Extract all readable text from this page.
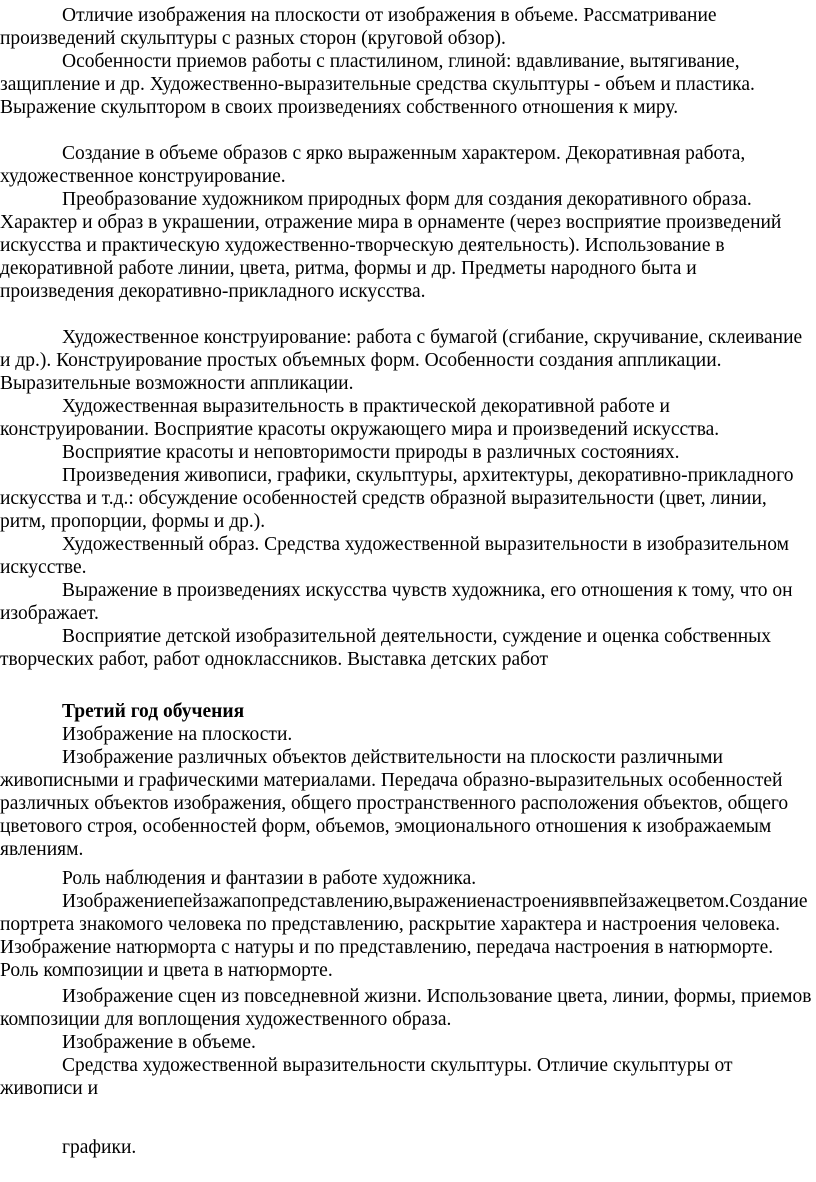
Отличие изображения на плоскости от изображения в объеме. Рассматривание произведений скульптуры с разных сторон (круговой обзор).

Особенности приемов работы с пластилином, глиной: вдавливание, вытягивание, защипление и др. Художественно-выразительные средства скульптуры - объем и пластика. Выражение скульптором в своих произведениях собственного отношения к миру.

Создание в объеме образов с ярко выраженным характером. Декоративная работа, художественное конструирование.

Преобразование художником природных форм для создания декоративного образа. Характер и образ в украшении, отражение мира в орнаменте (через восприятие произведений искусства и практическую художественно-творческую деятельность). Использование в декоративной работе линии, цвета, ритма, формы и др. Предметы народного быта и произведения декоративно-прикладного искусства.

Художественное конструирование: работа с бумагой (сгибание, скручивание, склеивание и др.). Конструирование простых объемных форм. Особенности создания аппликации. Выразительные возможности аппликации.

Художественная выразительность в практической декоративной работе и конструировании. Восприятие красоты окружающего мира и произведений искусства.

Восприятие красоты и неповторимости природы в различных состояниях.

Произведения живописи, графики, скульптуры, архитектуры, декоративно-прикладного искусства и т.д.: обсуждение особенностей средств образной выразительности (цвет, линии, ритм, пропорции, формы и др.).

Художественный образ. Средства художественной выразительности в изобразительном искусстве.

Выражение в произведениях искусства чувств художника, его отношения к тому, что он изображает.

Восприятие детской изобразительной деятельности, суждение и оценка собственных творческих работ, работ одноклассников. Выставка детских работ

Третий год обучения

Изображение на плоскости.

Изображение различных объектов действительности на плоскости различными живописными и графическими материалами. Передача образно-выразительных особенностей различных объектов изображения, общего пространственного расположения объектов, общего цветового строя, особенностей форм, объемов, эмоционального отношения к изображаемым явлениям.

Роль наблюдения и фантазии в работе художника.

Изображениепейзажапопредставлению,выражениенастроенияввпейзажецветом.Создание портрета знакомого человека по представлению, раскрытие характера и настроения человека. Изображение натюрморта с натуры и по представлению, передача настроения в натюрморте. Роль композиции и цвета в натюрморте.

Изображение сцен из повседневной жизни. Использование цвета, линии, формы, приемов композиции для воплощения художественного образа.

Изображение в объеме.

Средства художественной выразительности скульптуры. Отличие скульптуры от живописи и

графики.
